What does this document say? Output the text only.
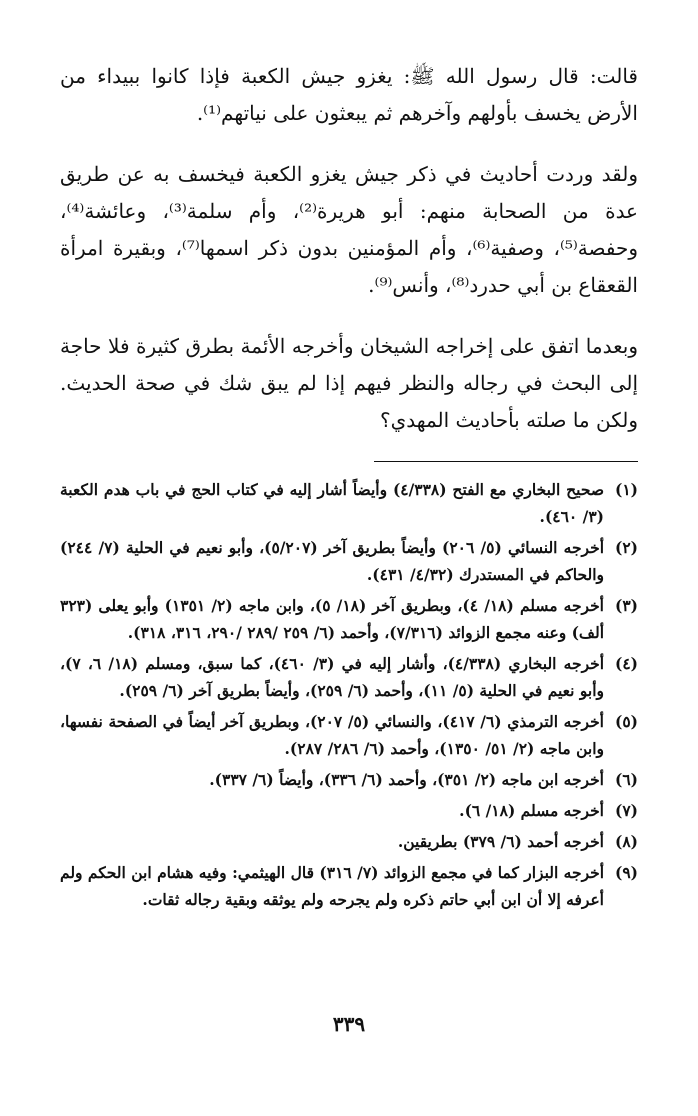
قالت: قال رسول الله ﷺ: يغزو جيش الكعبة فإذا كانوا ببيداء من الأرض يخسف بأولهم وآخرهم ثم يبعثون على نياتهم⁽¹⁾.

ولقد وردت أحاديث في ذكر جيش يغزو الكعبة فيخسف به عن طريق عدة من الصحابة منهم: أبو هريرة⁽²⁾، وأم سلمة⁽³⁾، وعائشة⁽⁴⁾، وحفصة⁽⁵⁾، وصفية⁽⁶⁾، وأم المؤمنين بدون ذكر اسمها⁽⁷⁾، وبقيرة امرأة القعقاع بن أبي حدرد⁽⁸⁾، وأنس⁽⁹⁾.

وبعدما اتفق على إخراجه الشيخان وأخرجه الأئمة بطرق كثيرة فلا حاجة إلى البحث في رجاله والنظر فيهم إذا لم يبق شك في صحة الحديث. ولكن ما صلته بأحاديث المهدي؟

(١)
صحيح البخاري مع الفتح (٤/٣٣٨) وأيضاً أشار إليه في كتاب الحج في باب هدم الكعبة (٣/ ٤٦٠).
(٢)
أخرجه النسائي (٥/ ٢٠٦) وأيضاً بطريق آخر (٥/٢٠٧)، وأبو نعيم في الحلية (٧/ ٢٤٤) والحاكم في المستدرك (٤/٣٢/ ٤٣١).
(٣)
أخرجه مسلم (١٨/ ٤)، وبطريق آخر (١٨/ ٥)، وابن ماجه (٢/ ١٣٥١) وأبو يعلى (٣٢٣ ألف) وعنه مجمع الزوائد (٧/٣١٦)، وأحمد (٦/ ٢٥٩ /٢٨٩ /٢٩٠، ٣١٦، ٣١٨).
(٤)
أخرجه البخاري (٤/٣٣٨)، وأشار إليه في (٣/ ٤٦٠)، كما سبق، ومسلم (١٨/ ٦، ٧)، وأبو نعيم في الحلية (٥/ ١١)، وأحمد (٦/ ٢٥٩)، وأيضاً بطريق آخر (٦/ ٢٥٩).
(٥)
أخرجه الترمذي (٦/ ٤١٧)، والنسائي (٥/ ٢٠٧)، وبطريق آخر أيضاً في الصفحة نفسها، وابن ماجه (٢/ ٥١/ ١٣٥٠)، وأحمد (٦/ ٢٨٦/ ٢٨٧).
(٦)
أخرجه ابن ماجه (٢/ ٣٥١)، وأحمد (٦/ ٣٣٦)، وأيضاً (٦/ ٣٣٧).
(٧)
أخرجه مسلم (١٨/ ٦).
(٨)
أخرجه أحمد (٦/ ٣٧٩) بطريقين.
(٩)
أخرجه البزار كما في مجمع الزوائد (٧/ ٣١٦) قال الهيثمي: وفيه هشام ابن الحكم ولم أعرفه إلا أن ابن أبي حاتم ذكره ولم يجرحه ولم يوثقه وبقية رجاله ثقات.
٣٣٩
